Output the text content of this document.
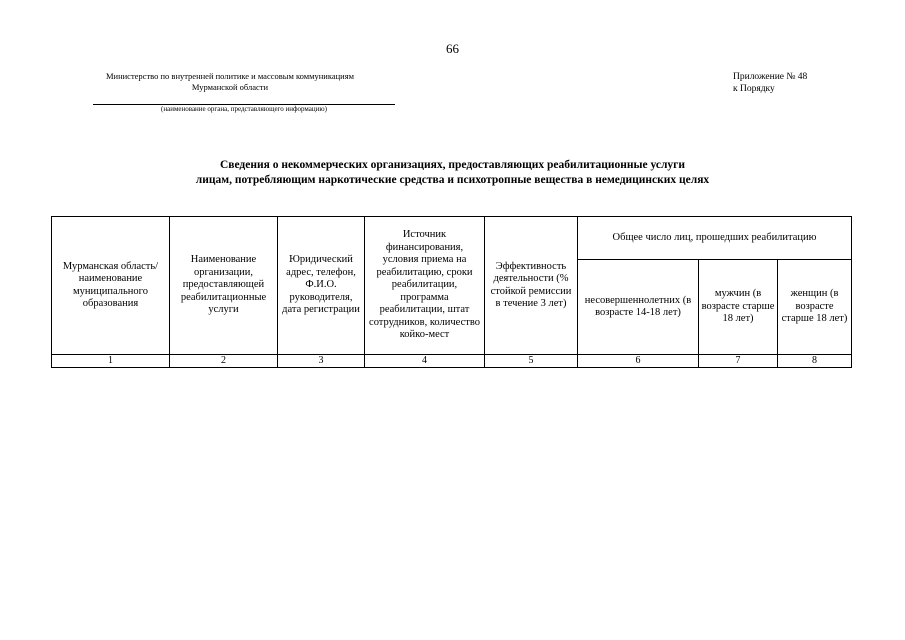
66
Министерство по внутренней политике и массовым коммуникациям
Мурманской области
(наименование органа, представляющего информацию)
Приложение № 48
к Порядку
Сведения о некоммерческих организациях, предоставляющих реабилитационные услуги
лицам, потребляющим наркотические средства и психотропные вещества в немедицинских целях
Мурманская область/ наименование муниципального образования	Наименование организации, предоставляющей реабилитационные услуги	Юридический адрес, телефон, Ф.И.О. руководителя, дата регистрации	Источник финансирования, условия приема на реабилитацию, сроки реабилитации, программа реабилитации, штат сотрудников, количество койко-мест	Эффективность деятельности (% стойкой ремиссии в течение 3 лет)	Общее число лиц, прошедших реабилитацию		
					несовершеннолетних (в возрасте 14-18 лет)	мужчин (в возрасте старше 18 лет)	женщин (в возрасте старше 18 лет)
1	2	3	4	5	6	7	8
